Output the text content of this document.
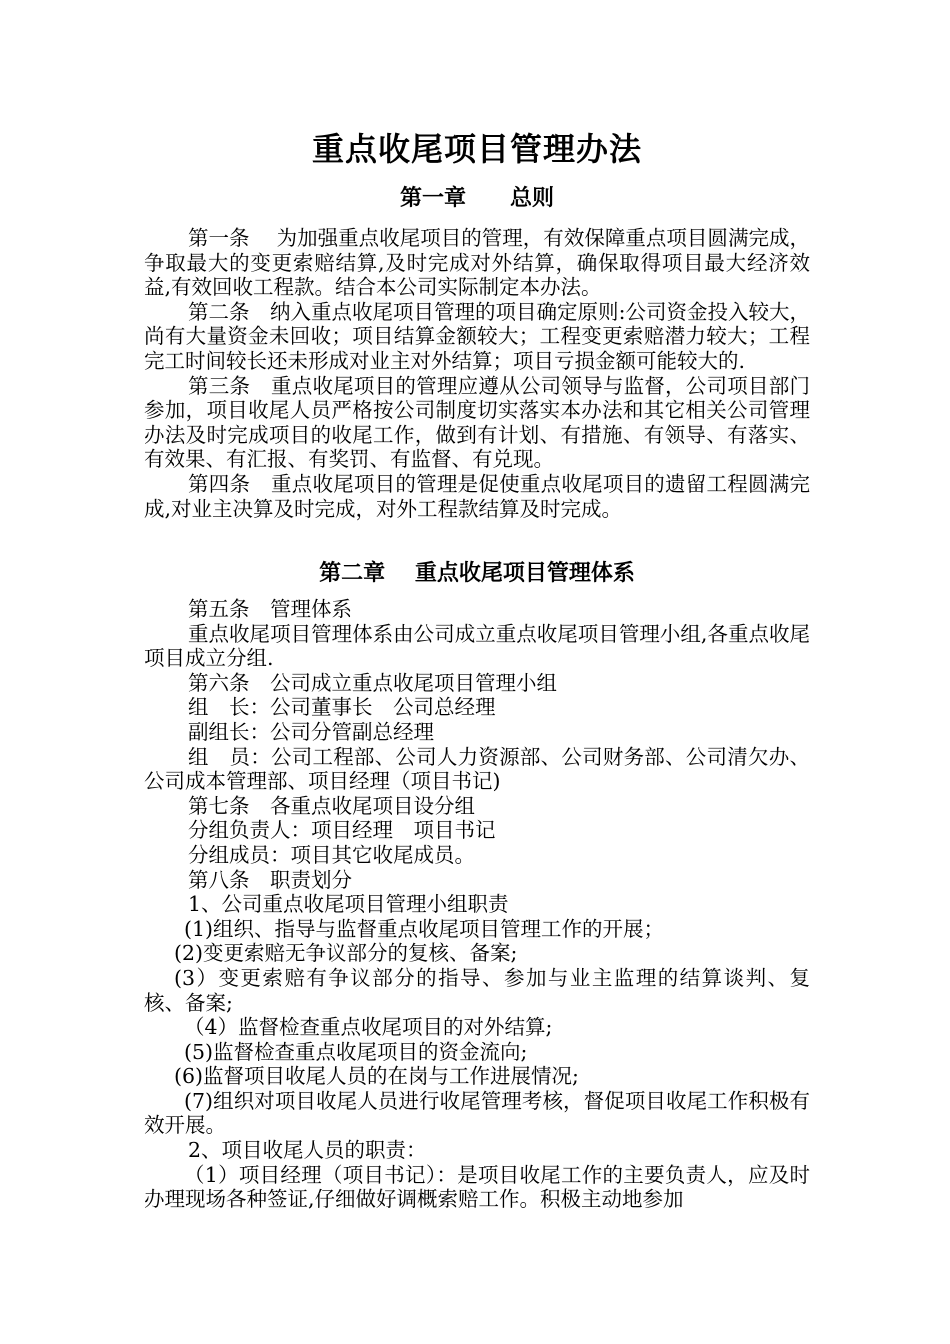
重点收尾项目管理办法
第一章　　总则

第一条　 为加强重点收尾项目的管理，有效保障重点项目圆满完成，争取最大的变更索赔结算,及时完成对外结算，确保取得项目最大经济效益,有效回收工程款。结合本公司实际制定本办法。

第二条　纳入重点收尾项目管理的项目确定原则:公司资金投入较大，尚有大量资金未回收；项目结算金额较大；工程变更索赔潜力较大；工程完工时间较长还未形成对业主对外结算；项目亏损金额可能较大的.

第三条　重点收尾项目的管理应遵从公司领导与监督，公司项目部门参加，项目收尾人员严格按公司制度切实落实本办法和其它相关公司管理办法及时完成项目的收尾工作，做到有计划、有措施、有领导、有落实、有效果、有汇报、有奖罚、有监督、有兑现。

第四条　重点收尾项目的管理是促使重点收尾项目的遗留工程圆满完成,对业主决算及时完成，对外工程款结算及时完成。

第二章　 重点收尾项目管理体系

第五条　管理体系

重点收尾项目管理体系由公司成立重点收尾项目管理小组,各重点收尾项目成立分组.

第六条　公司成立重点收尾项目管理小组

组　长：公司董事长　公司总经理

副组长：公司分管副总经理

组　员：公司工程部、公司人力资源部、公司财务部、公司清欠办、公司成本管理部、项目经理（项目书记)

第七条　各重点收尾项目设分组

分组负责人：项目经理　项目书记

分组成员：项目其它收尾成员。

第八条　职责划分

1、公司重点收尾项目管理小组职责

(1)组织、指导与监督重点收尾项目管理工作的开展；

(2)变更索赔无争议部分的复核、备案;

(3）变更索赔有争议部分的指导、参加与业主监理的结算谈判、复核、备案;

（4）监督检查重点收尾项目的对外结算;

(5)监督检查重点收尾项目的资金流向;

(6)监督项目收尾人员的在岗与工作进展情况;

(7)组织对项目收尾人员进行收尾管理考核，督促项目收尾工作积极有效开展。

2、项目收尾人员的职责：

（1）项目经理（项目书记）：是项目收尾工作的主要负责人，应及时办理现场各种签证,仔细做好调概索赔工作。积极主动地参加
